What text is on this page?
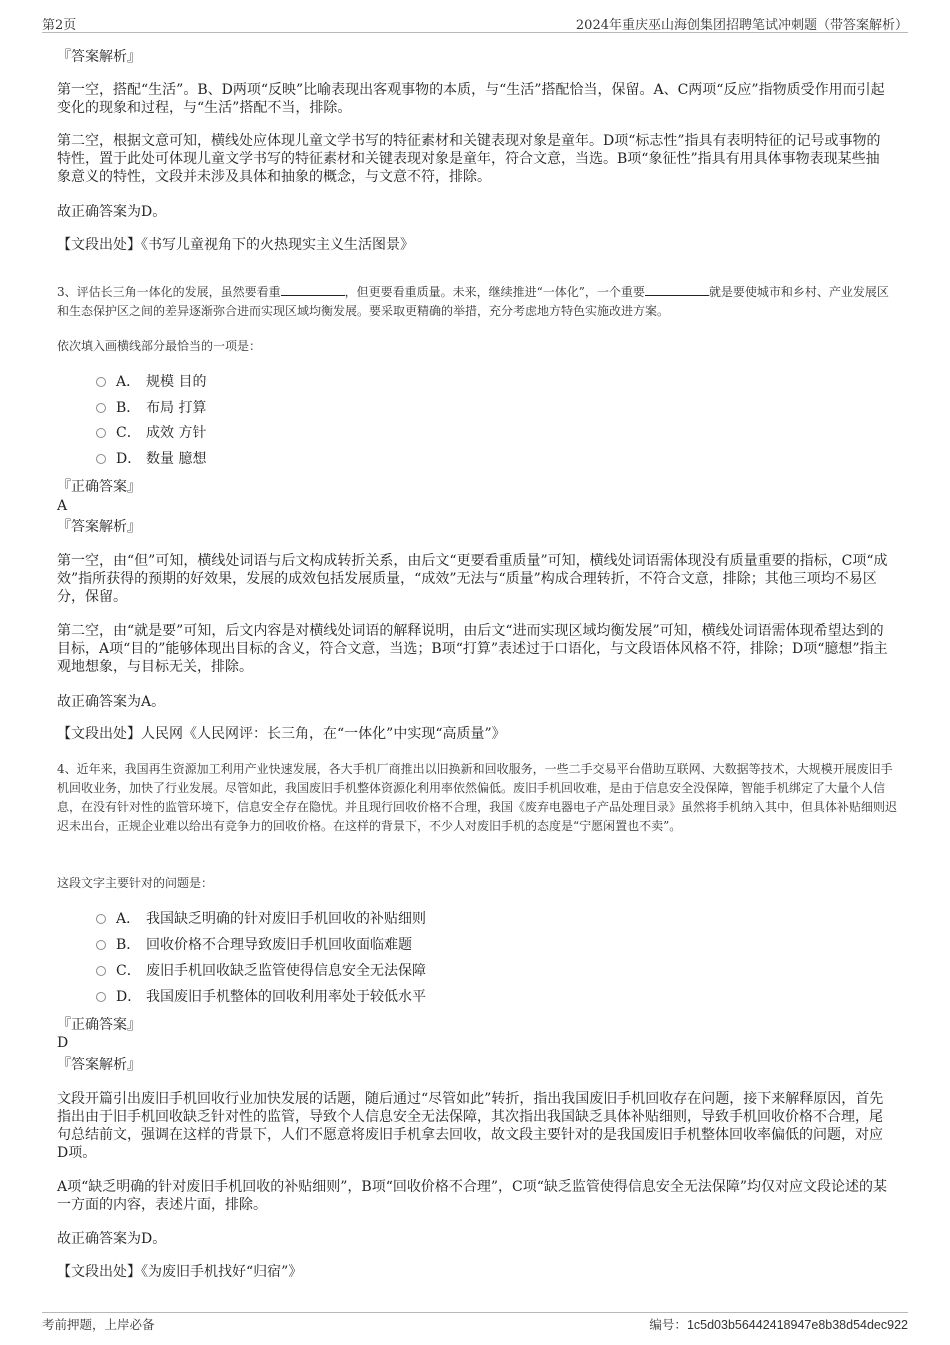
第2页	2024年重庆巫山海创集团招聘笔试冲刺题（带答案解析）
『答案解析』
第一空，搭配“生活”。B、D两项“反映”比喻表现出客观事物的本质，与“生活”搭配恰当，保留。A、C两项“反应”指物质受作用而引起变化的现象和过程，与“生活”搭配不当，排除。
第二空，根据文意可知，横线处应体现儿童文学书写的特征素材和关键表现对象是童年。D项“标志性”指具有表明特征的记号或事物的特性，置于此处可体现儿童文学书写的特征素材和关键表现对象是童年，符合文意，当选。B项“象征性”指具有用具体事物表现某些抽象意义的特性，文段并未涉及具体和抽象的概念，与文意不符，排除。
故正确答案为D。
【文段出处】《书写儿童视角下的火热现实主义生活图景》
3、评估长三角一体化的发展，虽然要看重	，但更要看重质量。未来，继续推进“一体化”，一个重要	就是要使城市和乡村、产业发展区和生态保护区之间的差异逐渐弥合进而实现区域均衡发展。要采取更精确的举措，充分考虑地方特色实施改进方案。
依次填入画横线部分最恰当的一项是：
A． 规模 目的
B． 布局 打算
C． 成效 方针
D． 数量 臆想
『正确答案』
A
『答案解析』
第一空，由“但”可知，横线处词语与后文构成转折关系，由后文“更要看重质量”可知，横线处词语需体现没有质量重要的指标，C项“成效”指所获得的预期的好效果，发展的成效包括发展质量，“成效”无法与“质量”构成合理转折，不符合文意，排除；其他三项均不易区分，保留。
第二空，由“就是要”可知，后文内容是对横线处词语的解释说明，由后文“进而实现区域均衡发展”可知，横线处词语需体现希望达到的目标，A项“目的”能够体现出目标的含义，符合文意，当选；B项“打算”表述过于口语化，与文段语体风格不符，排除；D项“臆想”指主观地想象，与目标无关，排除。
故正确答案为A。
【文段出处】人民网《人民网评：长三角，在“一体化”中实现“高质量”》
4、近年来，我国再生资源加工利用产业快速发展，各大手机厂商推出以旧换新和回收服务，一些二手交易平台借助互联网、大数据等技术，大规模开展废旧手机回收业务，加快了行业发展。尽管如此，我国废旧手机整体资源化利用率依然偏低。废旧手机回收难，是由于信息安全没保障，智能手机绑定了大量个人信息，在没有针对性的监管环境下，信息安全存在隐忧。并且现行回收价格不合理，我国《废弃电器电子产品处理目录》虽然将手机纳入其中，但具体补贴细则迟迟未出台，正规企业难以给出有竞争力的回收价格。在这样的背景下，不少人对废旧手机的态度是“宁愿闲置也不卖”。
这段文字主要针对的问题是：
A． 我国缺乏明确的针对废旧手机回收的补贴细则
B． 回收价格不合理导致废旧手机回收面临难题
C． 废旧手机回收缺乏监管使得信息安全无法保障
D． 我国废旧手机整体的回收利用率处于较低水平
『正确答案』
D
『答案解析』
文段开篇引出废旧手机回收行业加快发展的话题，随后通过“尽管如此”转折，指出我国废旧手机回收存在问题，接下来解释原因，首先指出由于旧手机回收缺乏针对性的监管，导致个人信息安全无法保障，其次指出我国缺乏具体补贴细则，导致手机回收价格不合理，尾句总结前文，强调在这样的背景下，人们不愿意将废旧手机拿去回收，故文段主要针对的是我国废旧手机整体回收率偏低的问题，对应D项。
A项“缺乏明确的针对废旧手机回收的补贴细则”，B项“回收价格不合理”，C项“缺乏监管使得信息安全无法保障”均仅对应文段论述的某一方面的内容，表述片面，排除。
故正确答案为D。
【文段出处】《为废旧手机找好“归宿”》
考前押题，上岸必备	编号：1c5d03b56442418947e8b38d54dec922
